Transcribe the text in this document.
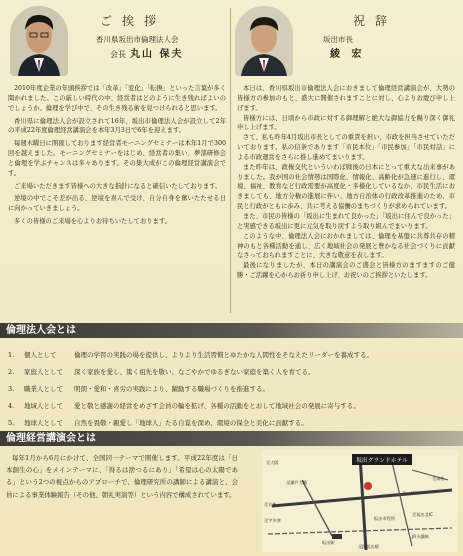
ご挨拶
香川県坂出市倫理法人会
会長 丸山 保夫

2010年度企業の年頭挨拶では「改革」「変化」「転換」といった言葉が多く聞かれました。この厳しい時代の中、経営者はどのように生き残ればよいのでしょうか。倫理を学び中で、その生き残る術を見つけられると思います。

香川県に倫理法人会が設立されて16年、坂出市倫理法人会が設立して2年の平成22年度倫理経営講演会を本年3月3日で6年を迎えます。

毎週木曜日に開催しております経営者モーニングセミナーは本年1月で300回を越えました。モーニングセミナーをはじめ、経営者の集い、夢部研修会と倫理を学ぶチャンスは多々あります。その集大成がこの倫理経営講演会です。

ご来場いただきます皆様への大きな指針になると確信いたしております。

逆境の中でこそ差が出る、逆境を喜んで受け、自分自身を奮いたたせる日に向かっていきましょう。

多くの皆様のご来場を心よりお待ちいたしております。

祝辞
坂出市長
綾 宏

本日は、香川県坂出市倫理法人会におきまして倫理経営講演会が、大勢の皆様方の参加のもと、盛大に開催されますことに対し、心よりお慶び申し上げます。

皆様方には、日頃から市政に対する御理解と絶大な御協力を賜り深く御礼申し上げます。

さて、私も昨年4月坂出市長としての重責を担い、市政を担当させていただいております。私の信条であります「市民本位」「市民参加」「市民対話」による市政運営をさらに推し進めてまいります。

また昨年は、政権交代といういわば戦後の日本にとって重大な出来事がありました。我が国の社会情勢は国際化、情報化、高齢化が急速に進行し、環境、福祉、教育など行政需要が高度化・多様化しているなか、市民生活におきましても、地方分権の進展に伴い、地方自治体の行政改革推進のため、市民と行政がともに歩み、共に考える協働のまちづくりが求められています。

また、市民の皆様の「坂出に生まれて良かった」「坂出に住んで良かった」と実感できる坂出に更に元気を取り戻すよう取り組んでまいります。

このような中、倫理法人会におかれましては、倫理を基盤に共尊共存の精神のもと各種活動を通し、広く地域社会の発展と豊かなる社会づくりに貢献なさっておられますことに、大きな敬意を表します。

最後になりましたが、本日の講演会のご盛会と皆様方のますますのご健勝・ご活躍を心からお祈り申し上げ、お祝いのご挨拶といたします。

倫理法人会とは
1.	個人として	倫理の学習の実践の場を提供し、よりより生活習慣とゆたかな人間性をそなえたリーダーを養成する。
2.	家庭人として	深く家族を愛し、篤く祖先を敬い、なごやかでゆるぎない家庭を築く人を育てる。
3.	職業人として	明朗・愛和・喜労の実践により、躍動する職場づくりを推進する。
4.	地域人として	愛と敬と感謝の経営をめざす会員の輪を拡げ、各種の活動をとおして地域社会の発展に寄与する。
5.	地球人として	自然を畏敬・親愛し「地球人」たる自覚を深め、環境の保全と美化に貢献する。
倫理経営講演会とは

毎年1月から6月にかけて、全国同一テーマで開催します。平成22年度は「日本創生の心」をメインテーマに、「得るは捨つるにあり」「希望は心の太陽である」という2つの視点からのアプローチで、倫理研究所の講師による講演と、会員による事業体験報告（その他、朝礼実演等）という内容で構成されています。

至大阪
至高松
至丸亀
至坂出北IC
坂出駅
JR予讃線
坂出市役所
ローソン
至宇多津
至瀬戸大橋
至JR坂出駅
坂出グランドホテル
